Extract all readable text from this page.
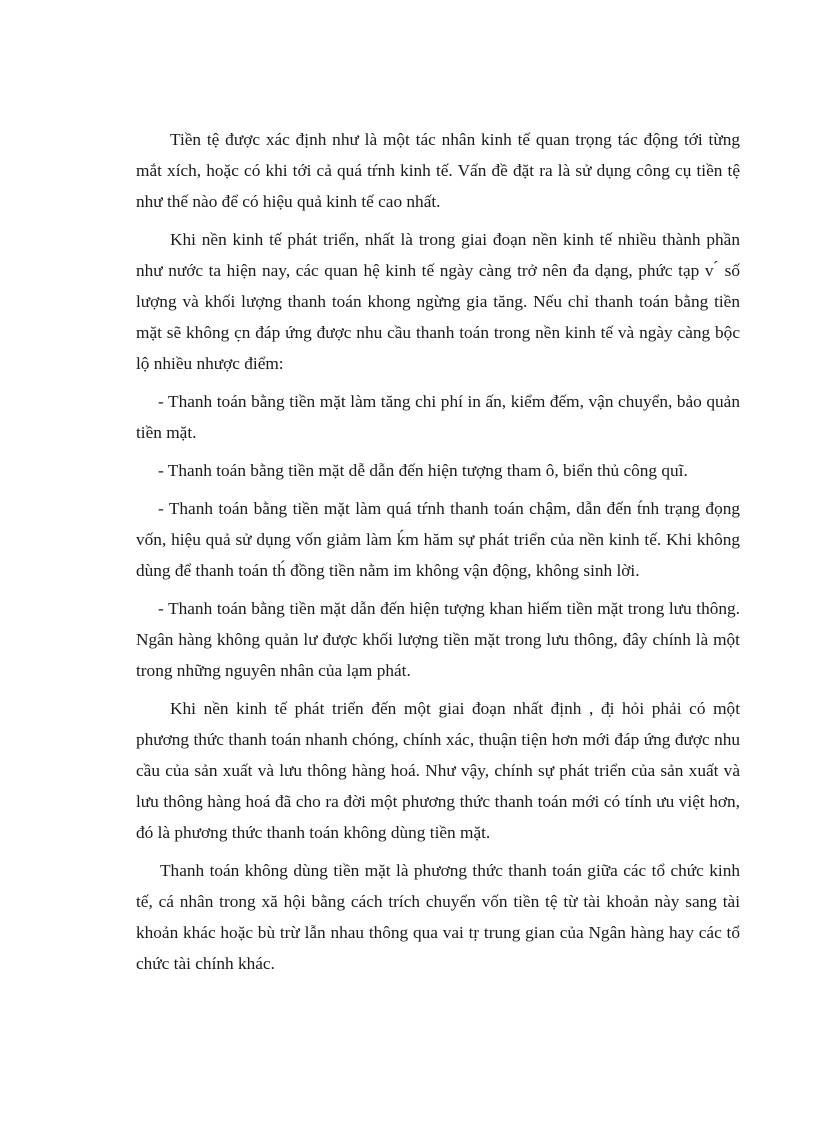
Tiền tệ được xác định như là một tác nhân kinh tế quan trọng tác động tới từng mắt xích, hoặc có khi tới cả quá tŕnh kinh tế. Vấn đề đặt ra là sử dụng công cụ tiền tệ như thế nào để có hiệu quả kinh tế cao nhất.

Khi nền kinh tế phát triển, nhất là trong giai đoạn nền kinh tế nhiều thành phần như nước ta hiện nay, các quan hệ kinh tế ngày càng trở nên đa dạng, phức tạp v ́ số lượng và khối lượng thanh toán khong ngừng gia tăng. Nếu chỉ thanh toán bằng tiền mặt sẽ không c̣n đáp ứng được nhu cầu thanh toán trong nền kinh tế và ngày càng bộc lộ nhiều nhược điểm:

- Thanh toán bằng tiền mặt làm tăng chi phí in ấn, kiểm đếm, vận chuyển, bảo quản tiền mặt.

- Thanh toán bằng tiền mặt dễ dẫn đến hiện tượng tham ô, biển thủ công quĩ.

- Thanh toán bằng tiền mặt làm quá tŕnh thanh toán chậm, dẫn đến t́nh trạng đọng vốn, hiệu quả sử dụng vốn giảm làm ḱm hăm sự phát triển của nền kinh tế. Khi không dùng để thanh toán th́ đồng tiền nằm im không vận động, không sinh lời.

- Thanh toán bằng tiền mặt dẫn đến hiện tượng khan hiếm tiền mặt trong lưu thông. Ngân hàng không quản lư được khối lượng tiền mặt trong lưu thông, đây chính là một trong những nguyên nhân của lạm phát.

Khi nền kinh tế phát triển đến một giai đoạn nhất định , đ̣i hỏi phải có một phương thức thanh toán nhanh chóng, chính xác, thuận tiện hơn mới đáp ứng được nhu cầu của sản xuất và lưu thông hàng hoá. Như vậy, chính sự phát triển của sản xuất và lưu thông hàng hoá đã cho ra đời một phương thức thanh toán mới có tính ưu việt hơn, đó là phương thức thanh toán không dùng tiền mặt.

Thanh toán không dùng tiền mặt là phương thức thanh toán giữa các tổ chức kinh tế, cá nhân trong xă hội bằng cách trích chuyển vốn tiền tệ từ tài khoản này sang tài khoản khác hoặc bù trừ lẫn nhau thông qua vai tṛ trung gian của Ngân hàng hay các tổ chức tài chính khác.
